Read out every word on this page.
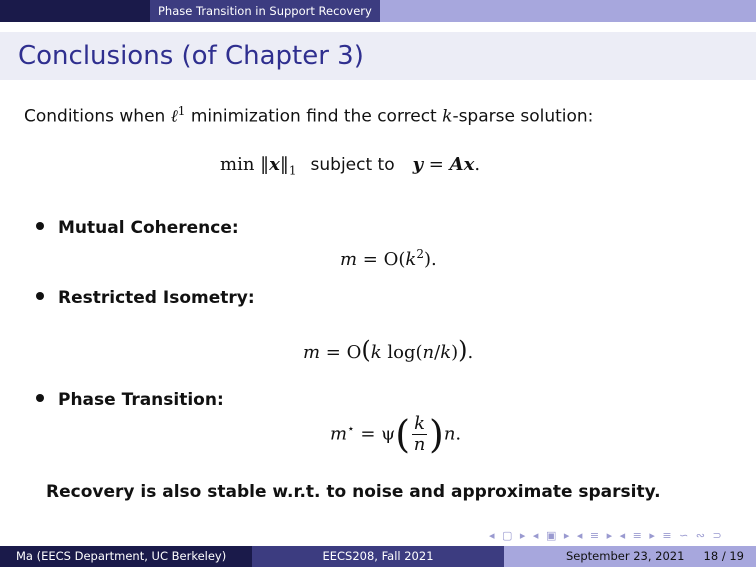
Phase Transition in Support Recovery
Conclusions (of Chapter 3)
Conditions when ℓ$^1$ minimization find the correct k-sparse solution:
$\min ‖x‖_1$ subject to y = Ax.
Mutual Coherence:
$m = O(k^2)$.
Restricted Isometry:
m = O(k log(n/k)).
Phase Transition:
$m^⋆ = \psi( \frac{k}{n} )n$.
Recovery is also stable w.r.t. to noise and approximate sparsity.
◂ ▢ ▸ ◂ ▣ ▸ ◂ ≡ ▸ ◂ ≡ ▸ ≡ ∽ ∾ ⊃
Ma (EECS Department, UC Berkeley)	EECS208, Fall 2021	September 23, 2021 18 / 19
